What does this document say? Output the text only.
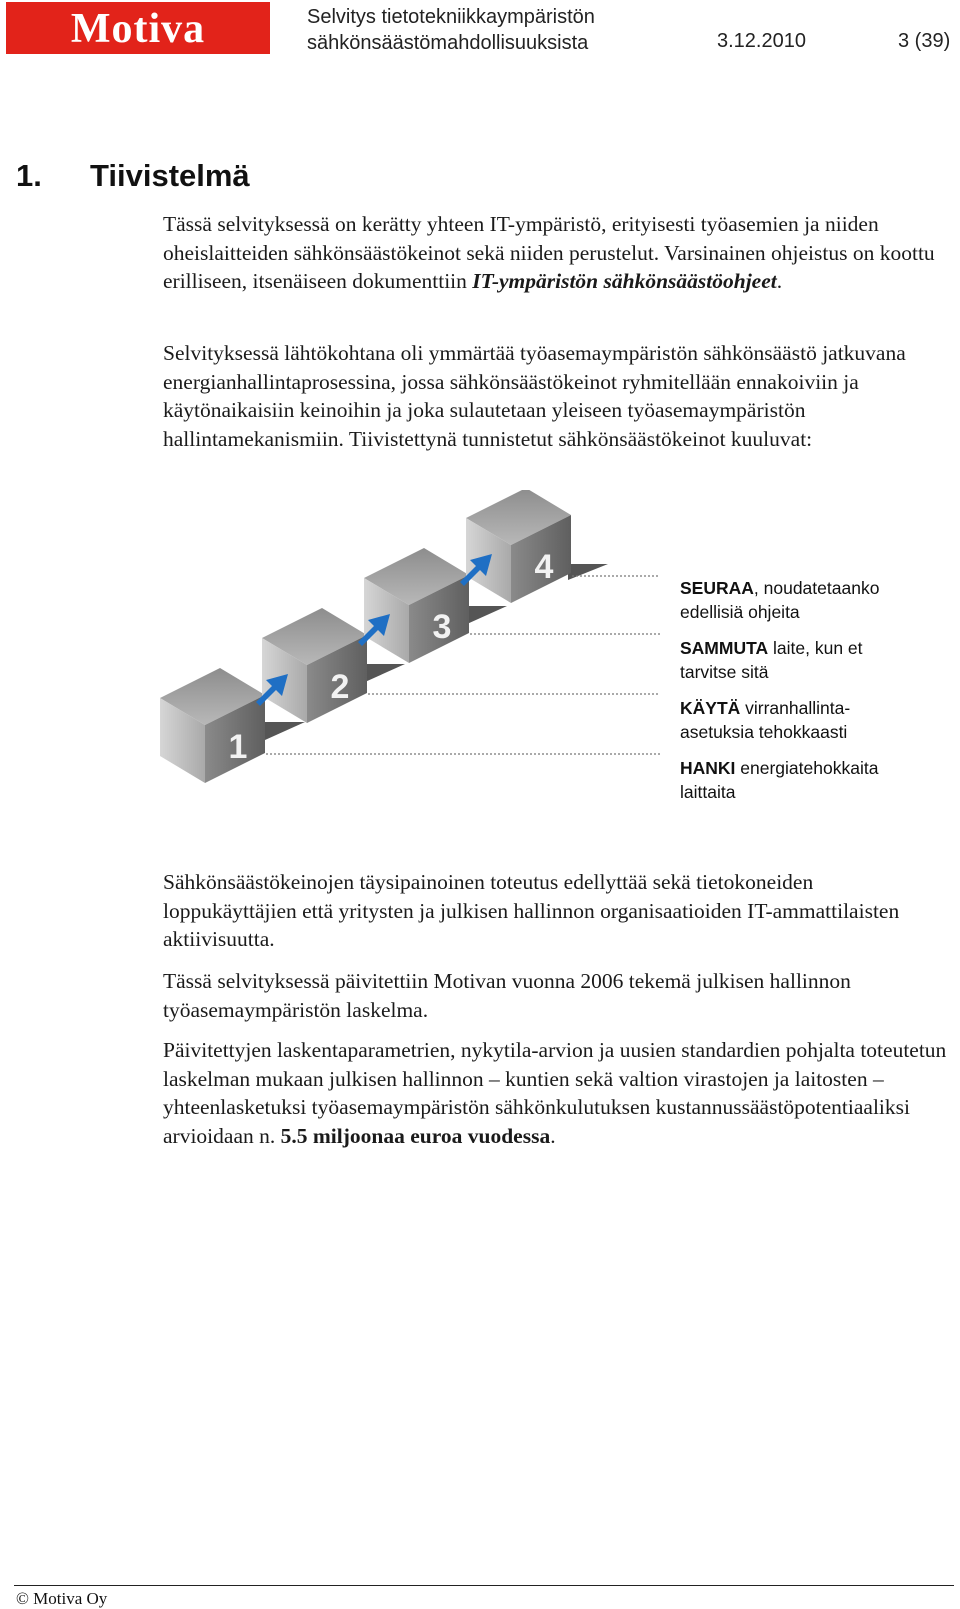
Motiva	Selvitys tietotekniikkaympäristön
sähkönsäästömahdollisuuksista	3.12.2010	3 (39)
1. Tiivistelmä

Tässä selvityksessä on kerätty yhteen IT-ympäristö, erityisesti työasemien ja niiden oheislaitteiden sähkönsäästökeinot sekä niiden perustelut. Varsinainen ohjeistus on koottu erilliseen, itsenäiseen dokumenttiin IT-ympäristön sähkönsäästöohjeet.

Selvityksessä lähtökohtana oli ymmärtää työasemaympäristön sähkönsäästö jatkuvana energianhallintaprosessina, jossa sähkönsäästökeinot ryhmitellään ennakoiviin ja käytönaikaisiin keinoihin ja joka sulautetaan yleiseen työasemaympäristön hallintamekanismiin. Tiivistettynä tunnistetut sähkönsäästökeinot kuuluvat:

1
2
3
4
SEURAA, noudatetaanko
edellisiä ohjeita
SAMMUTA laite, kun et
tarvitse sitä
KÄYTÄ virranhallinta-
asetuksia tehokkaasti
HANKI energiatehokkaita
laittaita

Sähkönsäästökeinojen täysipainoinen toteutus edellyttää sekä tietokoneiden loppukäyttäjien että yritysten ja julkisen hallinnon organisaatioiden IT-ammattilaisten aktiivisuutta.

Tässä selvityksessä päivitettiin Motivan vuonna 2006 tekemä julkisen hallinnon työasemaympäristön laskelma.

Päivitettyjen laskentaparametrien, nykytila-arvion ja uusien standardien pohjalta toteutetun laskelman mukaan julkisen hallinnon – kuntien sekä valtion virastojen ja laitosten – yhteenlasketuksi työasemaympäristön sähkönkulutuksen kustannussäästöpotentiaaliksi arvioidaan n. 5.5 miljoonaa euroa vuodessa.

© Motiva Oy
